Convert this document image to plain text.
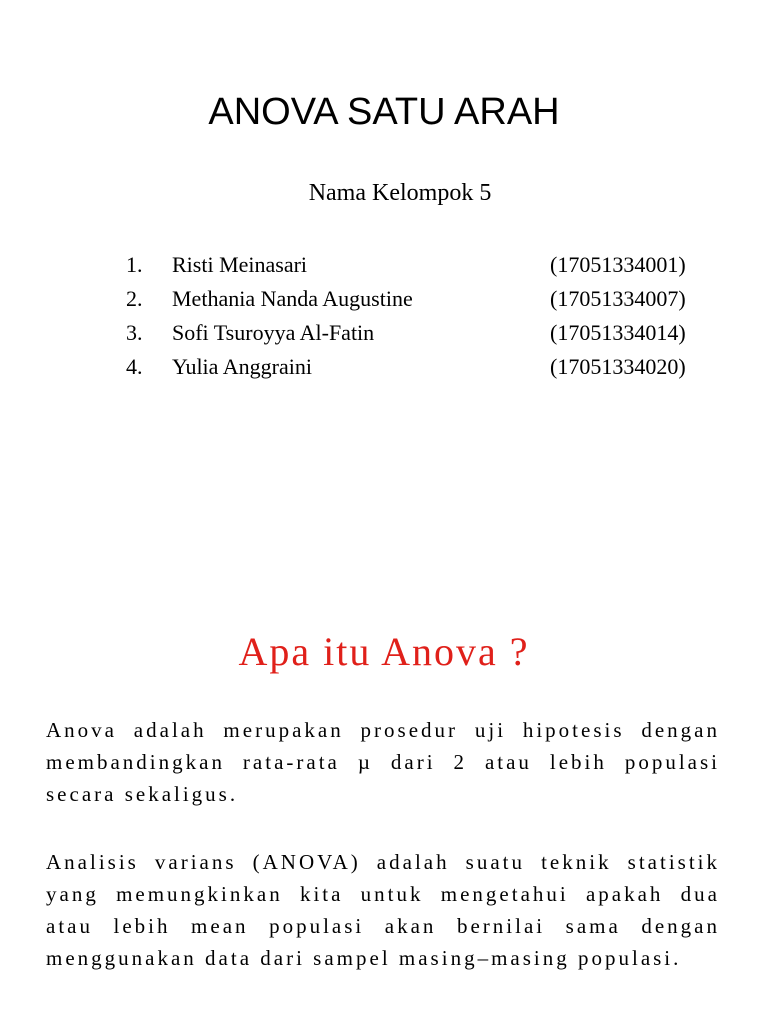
ANOVA SATU ARAH

Nama Kelompok 5

1. Risti Meinasari	(17051334001)
2. Methania Nanda Augustine	(17051334007)
3. Sofi Tsuroyya Al-Fatin	(17051334014)
4. Yulia Anggraini	(17051334020)
Apa itu Anova ?

Anova adalah merupakan prosedur uji hipotesis dengan membandingkan rata-rata µ dari 2 atau lebih populasi secara sekaligus.

Analisis varians (ANOVA) adalah suatu teknik statistik yang memungkinkan kita untuk mengetahui apakah dua atau lebih mean populasi akan bernilai sama dengan menggunakan data dari sampel masing–masing populasi.
